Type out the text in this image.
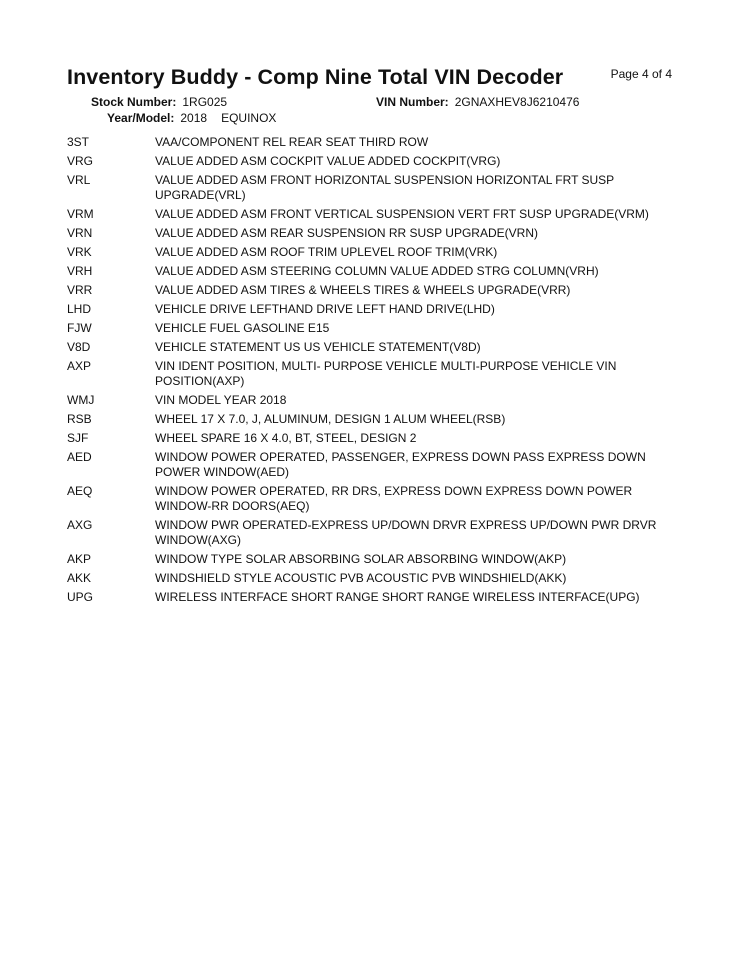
Page 4 of 4
Inventory Buddy - Comp Nine Total VIN Decoder
Stock Number: 1RG025	VIN Number: 2GNAXHEV8J6210476
Year/Model: 2018 EQUINOX
3ST	VAA/COMPONENT REL REAR SEAT THIRD ROW
VRG	VALUE ADDED ASM COCKPIT VALUE ADDED COCKPIT(VRG)
VRL	VALUE ADDED ASM FRONT HORIZONTAL SUSPENSION HORIZONTAL FRT SUSP UPGRADE(VRL)
VRM	VALUE ADDED ASM FRONT VERTICAL SUSPENSION VERT FRT SUSP UPGRADE(VRM)
VRN	VALUE ADDED ASM REAR SUSPENSION RR SUSP UPGRADE(VRN)
VRK	VALUE ADDED ASM ROOF TRIM UPLEVEL ROOF TRIM(VRK)
VRH	VALUE ADDED ASM STEERING COLUMN VALUE ADDED STRG COLUMN(VRH)
VRR	VALUE ADDED ASM TIRES & WHEELS TIRES & WHEELS UPGRADE(VRR)
LHD	VEHICLE DRIVE LEFTHAND DRIVE LEFT HAND DRIVE(LHD)
FJW	VEHICLE FUEL GASOLINE E15
V8D	VEHICLE STATEMENT US US VEHICLE STATEMENT(V8D)
AXP	VIN IDENT POSITION, MULTI- PURPOSE VEHICLE MULTI-PURPOSE VEHICLE VIN POSITION(AXP)
WMJ	VIN MODEL YEAR 2018
RSB	WHEEL 17 X 7.0, J, ALUMINUM, DESIGN 1 ALUM WHEEL(RSB)
SJF	WHEEL SPARE 16 X 4.0, BT, STEEL, DESIGN 2
AED	WINDOW POWER OPERATED, PASSENGER, EXPRESS DOWN PASS EXPRESS DOWN POWER WINDOW(AED)
AEQ	WINDOW POWER OPERATED, RR DRS, EXPRESS DOWN EXPRESS DOWN POWER WINDOW-RR DOORS(AEQ)
AXG	WINDOW PWR OPERATED-EXPRESS UP/DOWN DRVR EXPRESS UP/DOWN PWR DRVR WINDOW(AXG)
AKP	WINDOW TYPE SOLAR ABSORBING SOLAR ABSORBING WINDOW(AKP)
AKK	WINDSHIELD STYLE ACOUSTIC PVB ACOUSTIC PVB WINDSHIELD(AKK)
UPG	WIRELESS INTERFACE SHORT RANGE SHORT RANGE WIRELESS INTERFACE(UPG)
